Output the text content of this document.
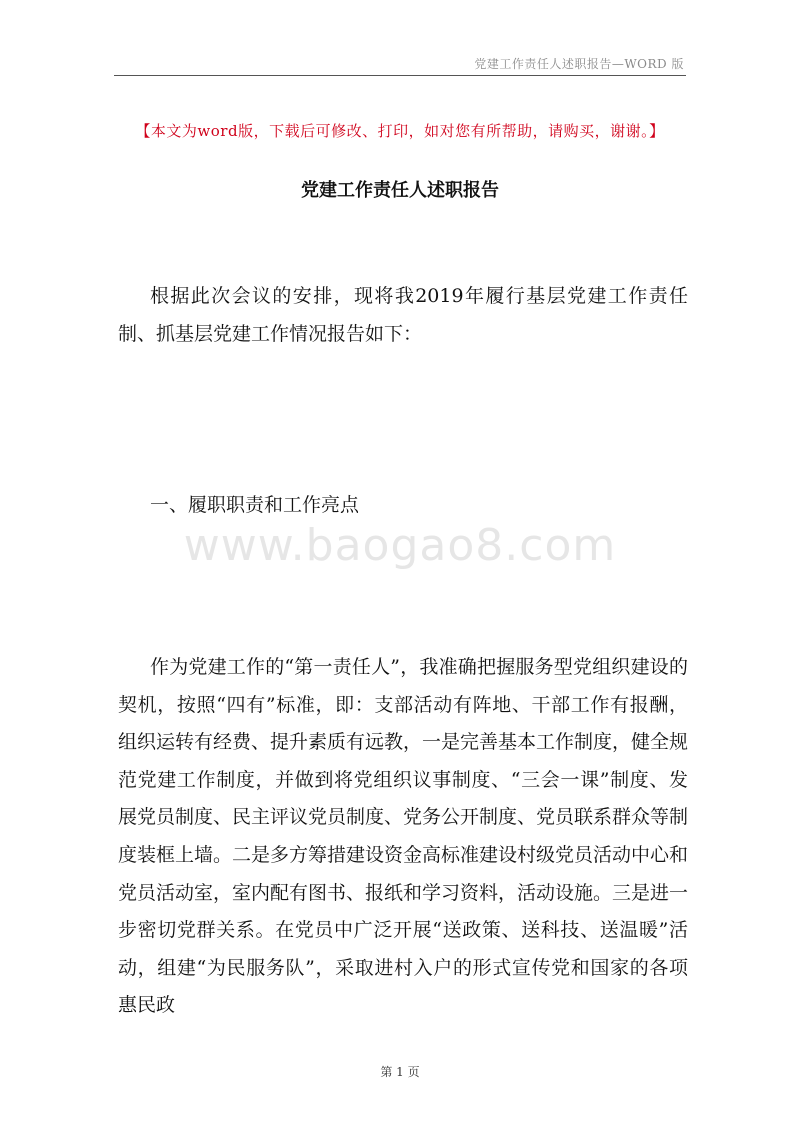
党建工作责任人述职报告—WORD 版
【本文为word版，下载后可修改、打印，如对您有所帮助，请购买，谢谢。】
党建工作责任人述职报告

根据此次会议的安排，现将我2019年履行基层党建工作责任制、抓基层党建工作情况报告如下：

一、履职职责和工作亮点
www.baogao8.com

作为党建工作的“第一责任人”，我准确把握服务型党组织建设的契机，按照“四有”标准，即：支部活动有阵地、干部工作有报酬，组织运转有经费、提升素质有远教，一是完善基本工作制度，健全规范党建工作制度，并做到将党组织议事制度、“三会一课”制度、发展党员制度、民主评议党员制度、党务公开制度、党员联系群众等制度装框上墙。二是多方筹措建设资金高标准建设村级党员活动中心和党员活动室，室内配有图书、报纸和学习资料，活动设施。三是进一步密切党群关系。在党员中广泛开展“送政策、送科技、送温暖”活动，组建“为民服务队”，采取进村入户的形式宣传党和国家的各项惠民政

第 1 页
